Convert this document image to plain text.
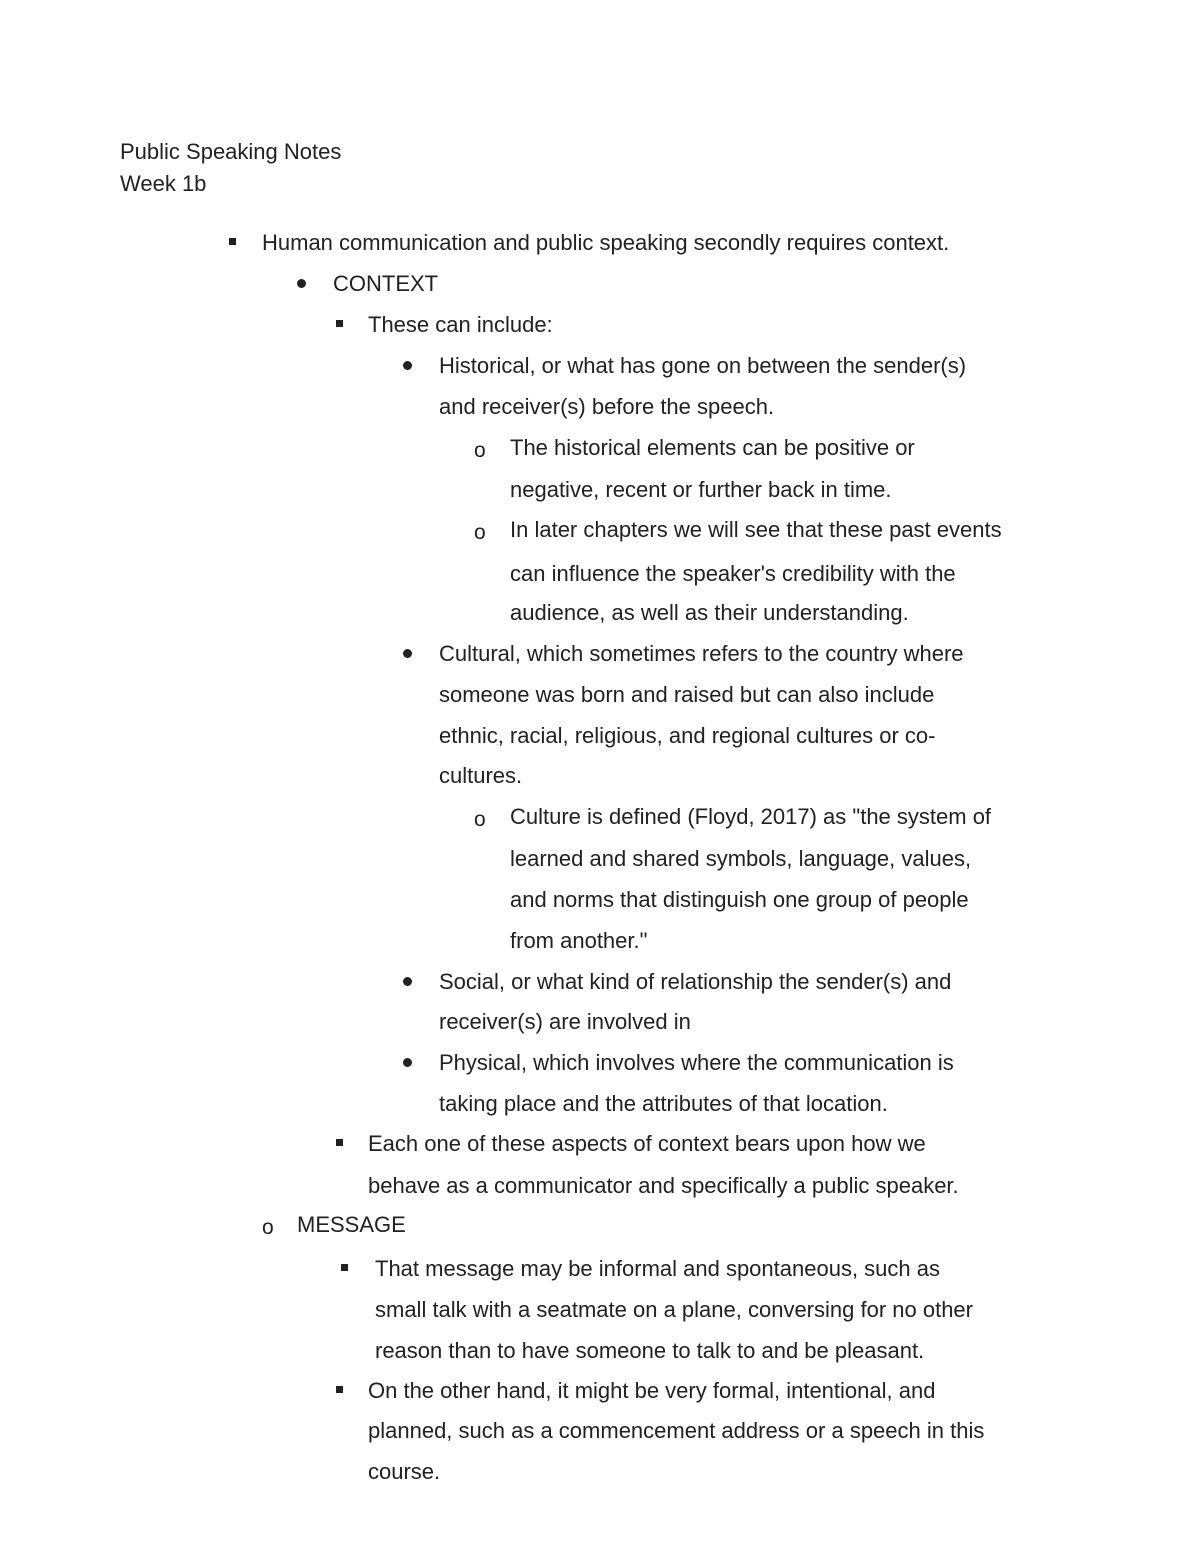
Public Speaking Notes
Week 1b
Human communication and public speaking secondly requires context.
CONTEXT
These can include:
Historical, or what has gone on between the sender(s)
and receiver(s) before the speech.
o The historical elements can be positive or
negative, recent or further back in time.
o In later chapters we will see that these past events
can influence the speaker's credibility with the
audience, as well as their understanding.
Cultural, which sometimes refers to the country where
someone was born and raised but can also include
ethnic, racial, religious, and regional cultures or co-
cultures.
o Culture is defined (Floyd, 2017) as "the system of
learned and shared symbols, language, values,
and norms that distinguish one group of people
from another."
Social, or what kind of relationship the sender(s) and
receiver(s) are involved in
Physical, which involves where the communication is
taking place and the attributes of that location.
Each one of these aspects of context bears upon how we
behave as a communicator and specifically a public speaker.
o MESSAGE
That message may be informal and spontaneous, such as
small talk with a seatmate on a plane, conversing for no other
reason than to have someone to talk to and be pleasant.
On the other hand, it might be very formal, intentional, and
planned, such as a commencement address or a speech in this
course.
